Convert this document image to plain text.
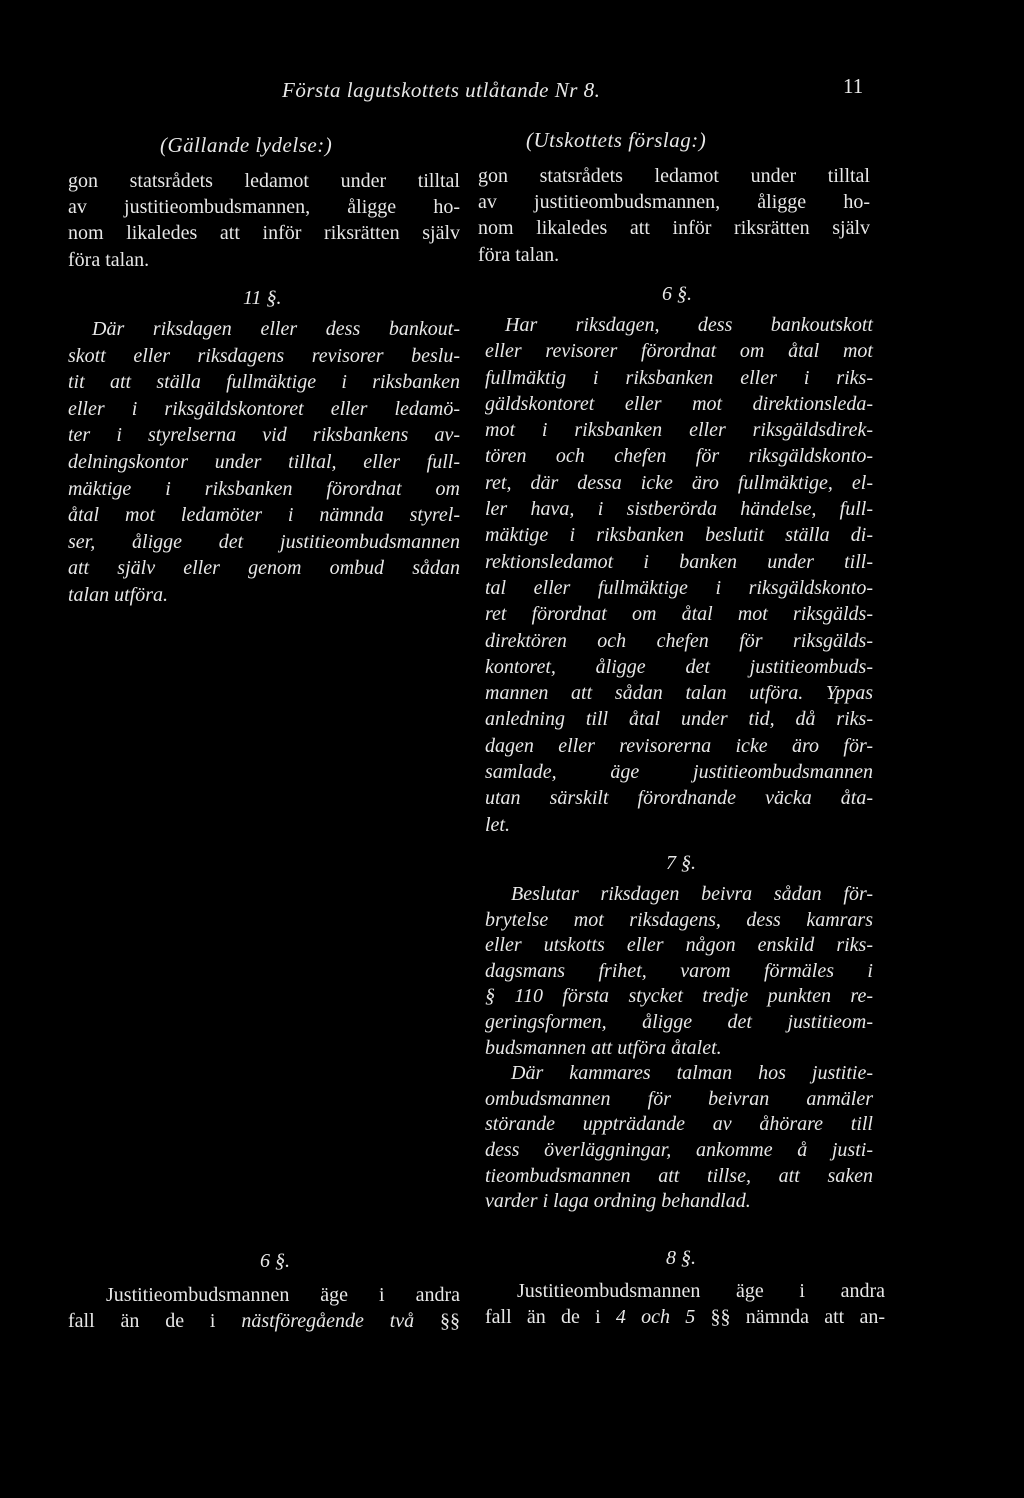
Första lagutskottets utlåtande Nr 8.	11
(Gällande lydelse:)	(Utskottets förslag:)
gon statsrådets ledamot under tilltal
av justitieombudsmannen, åligge ho-
nom likaledes att inför riksrätten själv
föra talan.
11 §.
Där riksdagen eller dess bankout-
skott eller riksdagens revisorer beslu-
tit att ställa fullmäktige i riksbanken
eller i riksgäldskontoret eller ledamö-
ter i styrelserna vid riksbankens av-
delningskontor under tilltal, eller full-
mäktige i riksbanken förordnat om
åtal mot ledamöter i nämnda styrel-
ser, åligge det justitieombudsmannen
att själv eller genom ombud sådan
talan utföra.
6 §.
Justitieombudsmannen äge i andra
fall än de i nästföregående två §§
gon statsrådets ledamot under tilltal
av justitieombudsmannen, åligge ho-
nom likaledes att inför riksrätten själv
föra talan.
6 §.
Har riksdagen, dess bankoutskott
eller revisorer förordnat om åtal mot
fullmäktig i riksbanken eller i riks-
gäldskontoret eller mot direktionsleda-
mot i riksbanken eller riksgäldsdirek-
tören och chefen för riksgäldskonto-
ret, där dessa icke äro fullmäktige, el-
ler hava, i sistberörda händelse, full-
mäktige i riksbanken beslutit ställa di-
rektionsledamot i banken under till-
tal eller fullmäktige i riksgäldskonto-
ret förordnat om åtal mot riksgälds-
direktören och chefen för riksgälds-
kontoret, åligge det justitieombuds-
mannen att sådan talan utföra. Yppas
anledning till åtal under tid, då riks-
dagen eller revisorerna icke äro för-
samlade, äge justitieombudsmannen
utan särskilt förordnande väcka åta-
let.
7 §.
Beslutar riksdagen beivra sådan för-
brytelse mot riksdagens, dess kamrars
eller utskotts eller någon enskild riks-
dagsmans frihet, varom förmäles i
§ 110 första stycket tredje punkten re-
geringsformen, åligge det justitieom-
budsmannen att utföra åtalet.
Där kammares talman hos justitie-
ombudsmannen för beivran anmäler
störande uppträdande av åhörare till
dess överläggningar, ankomme å justi-
tieombudsmannen att tillse, att saken
varder i laga ordning behandlad.
8 §.
Justitieombudsmannen äge i andra
fall än de i 4 och 5 §§ nämnda att an-
